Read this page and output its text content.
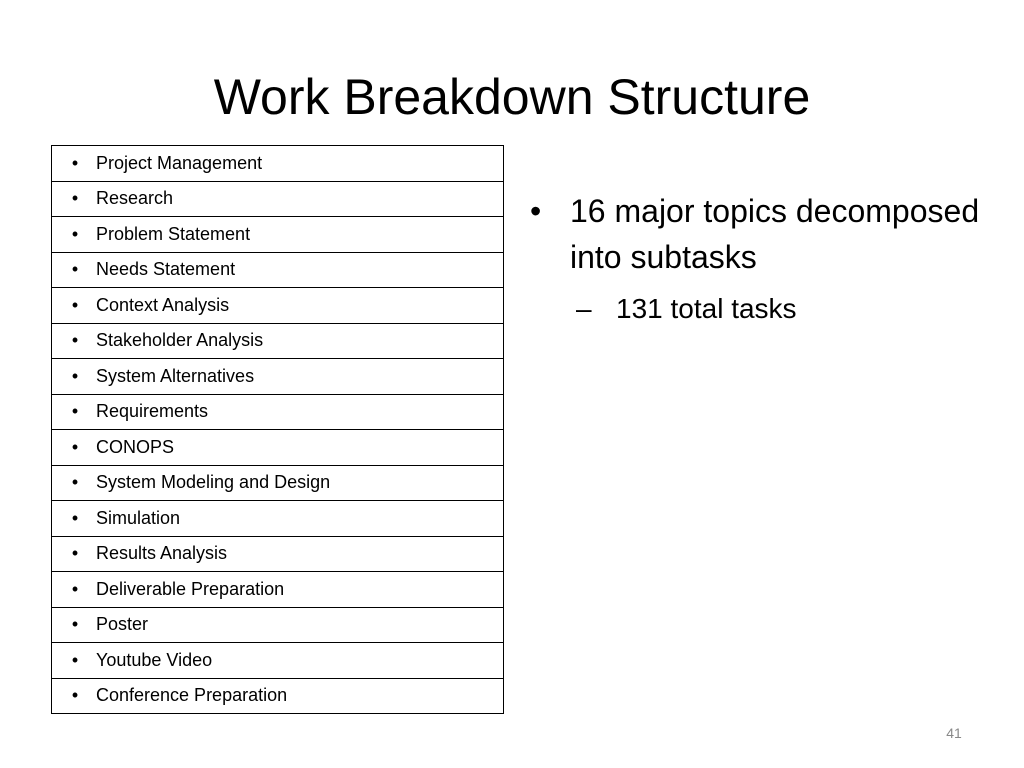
Work Breakdown Structure
• Project Management

• Research

• Problem Statement

• Needs Statement

• Context Analysis

• Stakeholder Analysis

• System Alternatives

• Requirements

• CONOPS

• System Modeling and Design

• Simulation

• Results Analysis

• Deliverable Preparation

• Poster

• Youtube Video

• Conference Preparation
• 16 major topics decomposed into subtasks
– 131 total tasks
41
